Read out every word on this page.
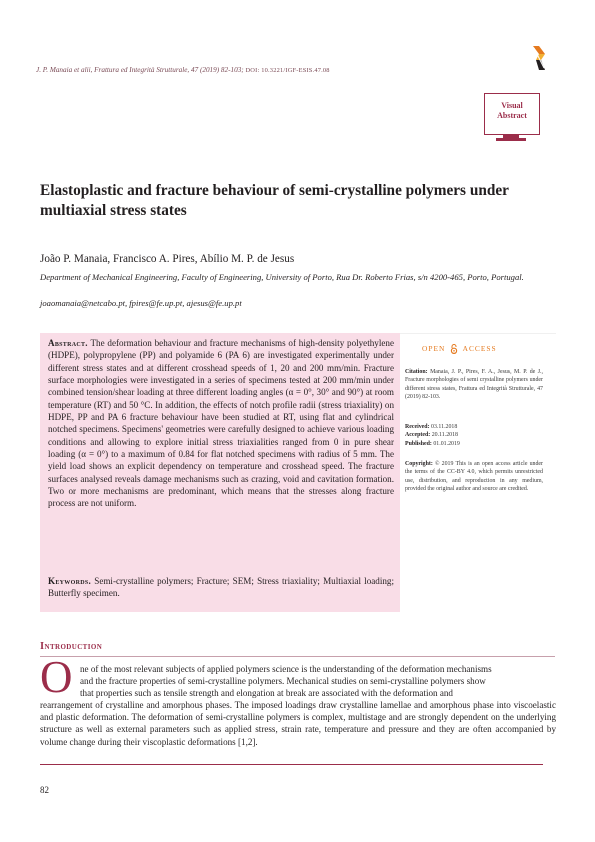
J. P. Manaia et alii, Frattura ed Integrità Strutturale, 47 (2019) 82-103; DOI: 10.3221/IGF-ESIS.47.08
Visual
Abstract
Elastoplastic and fracture behaviour of semi-crystalline polymers under multiaxial stress states
João P. Manaia, Francisco A. Pires, Abílio M. P. de Jesus
Department of Mechanical Engineering, Faculty of Engineering, University of Porto, Rua Dr. Roberto Frias, s/n 4200-465, Porto, Portugal.
joaomanaia@netcabo.pt, fpires@fe.up.pt, ajesus@fe.up.pt
Abstract. The deformation behaviour and fracture mechanisms of high-density polyethylene (HDPE), polypropylene (PP) and polyamide 6 (PA 6) are investigated experimentally under different stress states and at different crosshead speeds of 1, 20 and 200 mm/min. Fracture surface morphologies were investigated in a series of specimens tested at 200 mm/min under combined tension/shear loading at three different loading angles (α = 0°, 30° and 90°) at room temperature (RT) and 50 °C. In addition, the effects of notch profile radii (stress triaxiality) on HDPE, PP and PA 6 fracture behaviour have been studied at RT, using flat and cylindrical notched specimens. Specimens' geometries were carefully designed to achieve various loading conditions and allowing to explore initial stress triaxialities ranged from 0 in pure shear loading (α = 0°) to a maximum of 0.84 for flat notched specimens with radius of 5 mm. The yield load shows an explicit dependency on temperature and crosshead speed. The fracture surfaces analysed reveals damage mechanisms such as crazing, void and cavitation formation. Two or more mechanisms are predominant, which means that the stresses along fracture process are not uniform.
Keywords. Semi-crystalline polymers; Fracture; SEM; Stress triaxiality; Multiaxial loading; Butterfly specimen.
OPEN ACCESS
Citation: Manaia, J. P., Pires, F. A., Jesus, M. P. de J., Fracture morphologies of semi crystalline polymers under different stress states, Frattura ed Integrità Strutturale, 47 (2019) 82-103.
Received: 03.11.2018
Accepted: 20.11.2018
Published: 01.01.2019
Copyright: © 2019 This is an open access article under the terms of the CC-BY 4.0, which permits unrestricted use, distribution, and reproduction in any medium, provided the original author and source are credited.
Introduction
O ne of the most relevant subjects of applied polymers science is the understanding of the deformation mechanisms

and the fracture properties of semi-crystalline polymers. Mechanical studies on semi-crystalline polymers show

that properties such as tensile strength and elongation at break are associated with the deformation and

rearrangement of crystalline and amorphous phases. The imposed loadings draw crystalline lamellae and amorphous phase into viscoelastic and plastic deformation. The deformation of semi-crystalline polymers is complex, multistage and are strongly dependent on the underlying structure as well as external parameters such as applied stress, strain rate, temperature and pressure and they are often accompanied by volume change during their viscoplastic deformations [1,2].

82
